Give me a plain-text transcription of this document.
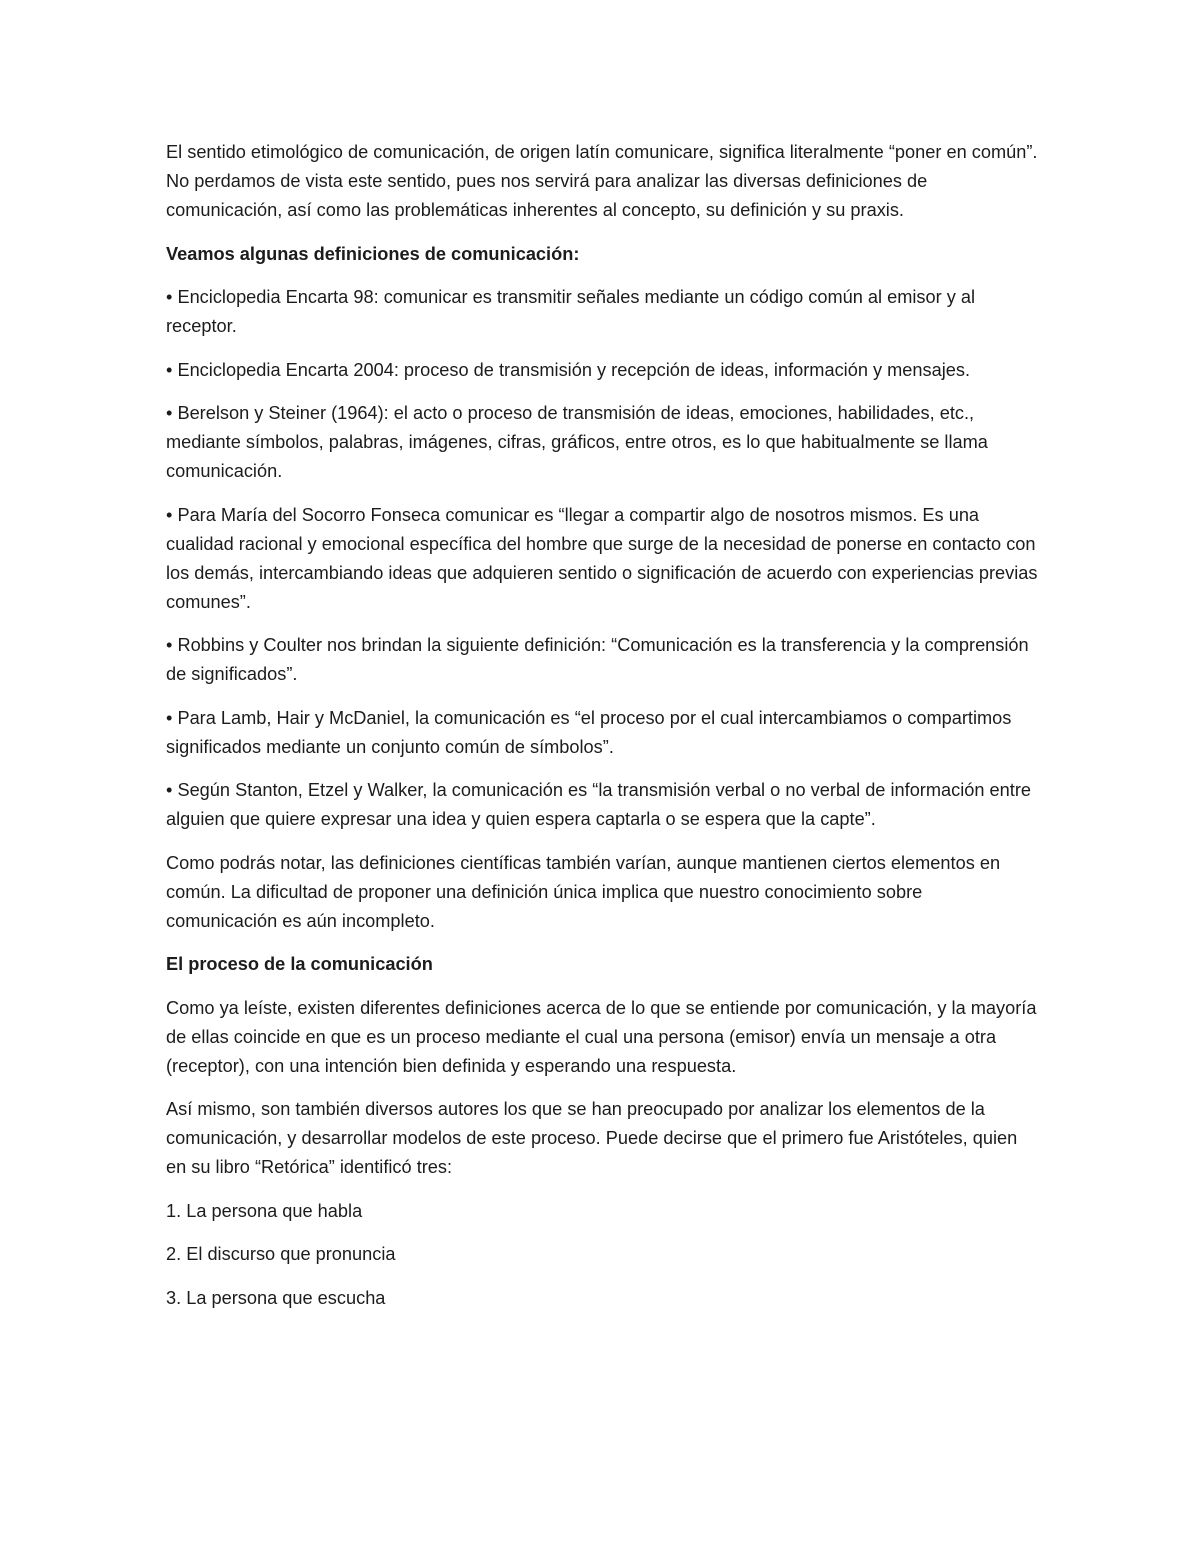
El sentido etimológico de comunicación, de origen latín comunicare, significa literalmente “poner en común”. No perdamos de vista este sentido, pues nos servirá para analizar las diversas definiciones de comunicación, así como las problemáticas inherentes al concepto, su definición y su praxis.

Veamos algunas definiciones de comunicación:

• Enciclopedia Encarta 98: comunicar es transmitir señales mediante un código común al emisor y al receptor.

• Enciclopedia Encarta 2004: proceso de transmisión y recepción de ideas, información y mensajes.

• Berelson y Steiner (1964): el acto o proceso de transmisión de ideas, emociones, habilidades, etc., mediante símbolos, palabras, imágenes, cifras, gráficos, entre otros, es lo que habitualmente se llama comunicación.

• Para María del Socorro Fonseca comunicar es “llegar a compartir algo de nosotros mismos. Es una cualidad racional y emocional específica del hombre que surge de la necesidad de ponerse en contacto con los demás, intercambiando ideas que adquieren sentido o significación de acuerdo con experiencias previas comunes”.

• Robbins y Coulter nos brindan la siguiente definición: “Comunicación es la transferencia y la comprensión de significados”.

• Para Lamb, Hair y McDaniel, la comunicación es “el proceso por el cual intercambiamos o compartimos significados mediante un conjunto común de símbolos”.

• Según Stanton, Etzel y Walker, la comunicación es “la transmisión verbal o no verbal de información entre alguien que quiere expresar una idea y quien espera captarla o se espera que la capte”.

Como podrás notar, las definiciones científicas también varían, aunque mantienen ciertos elementos en común. La dificultad de proponer una definición única implica que nuestro conocimiento sobre comunicación es aún incompleto.

El proceso de la comunicación

Como ya leíste, existen diferentes definiciones acerca de lo que se entiende por comunicación, y la mayoría de ellas coincide en que es un proceso mediante el cual una persona (emisor) envía un mensaje a otra (receptor), con una intención bien definida y esperando una respuesta.

Así mismo, son también diversos autores los que se han preocupado por analizar los elementos de la comunicación, y desarrollar modelos de este proceso. Puede decirse que el primero fue Aristóteles, quien en su libro “Retórica” identificó tres:

1. La persona que habla

2. El discurso que pronuncia

3. La persona que escucha
